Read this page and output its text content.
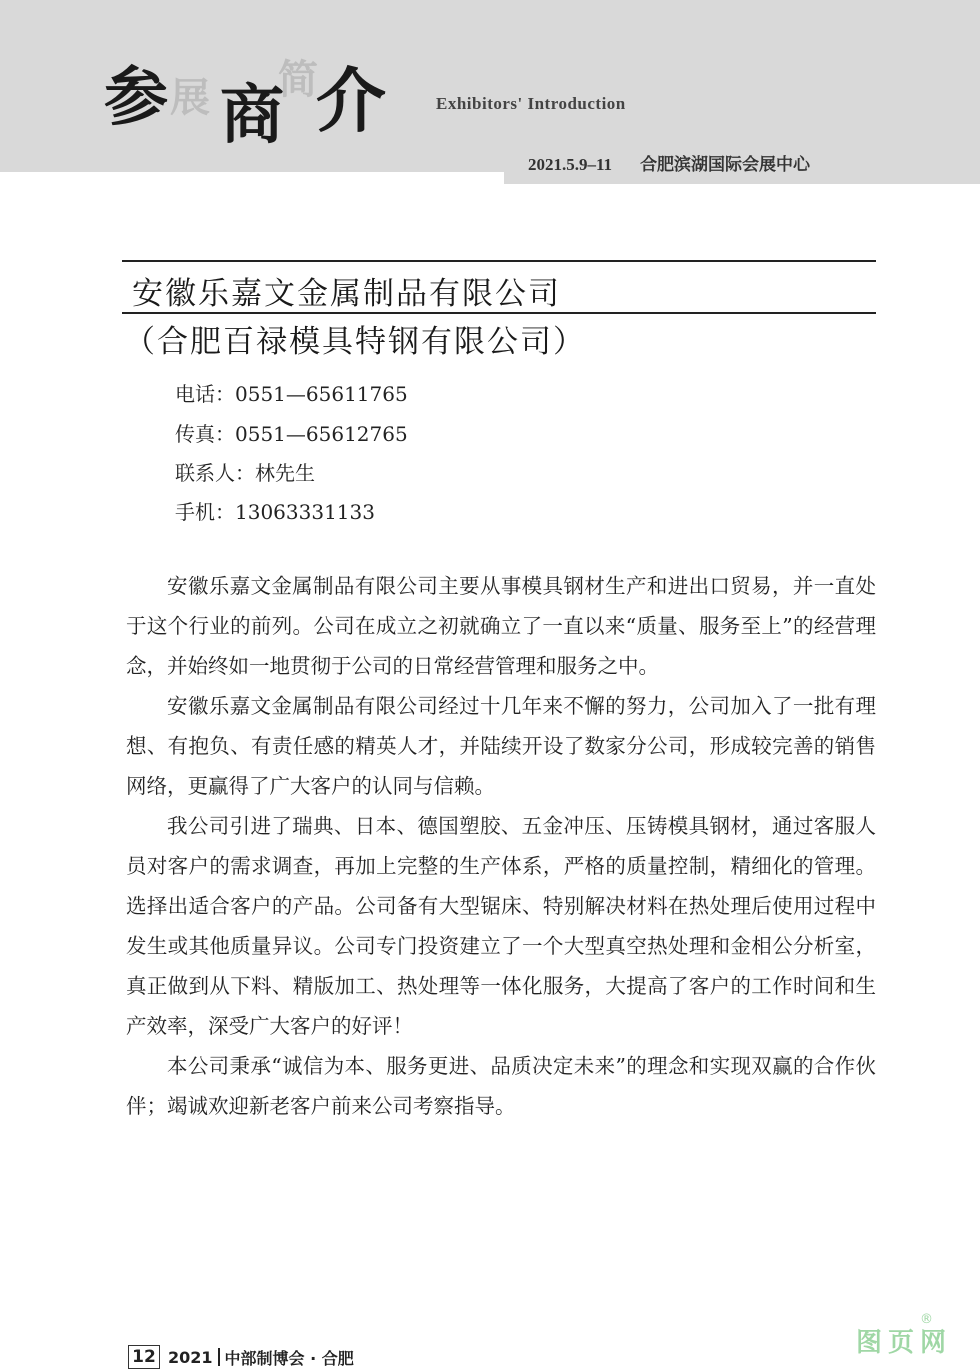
参 展 商
简
介	Exhibitors' Introduction
2021.5.9–11 合肥滨湖国际会展中心
安徽乐嘉文金属制品有限公司
（合肥百禄模具特钢有限公司）
电话：0551—65611765
传真：0551—65612765
联系人：林先生
手机：13063331133

安徽乐嘉文金属制品有限公司主要从事模具钢材生产和进出口贸易，并一直处于这个行业的前列。公司在成立之初就确立了一直以来“质量、服务至上”的经营理念，并始终如一地贯彻于公司的日常经营管理和服务之中。

安徽乐嘉文金属制品有限公司经过十几年来不懈的努力，公司加入了一批有理想、有抱负、有责任感的精英人才，并陆续开设了数家分公司，形成较完善的销售网络，更赢得了广大客户的认同与信赖。

我公司引进了瑞典、日本、德国塑胶、五金冲压、压铸模具钢材，通过客服人员对客户的需求调查，再加上完整的生产体系，严格的质量控制，精细化的管理。选择出适合客户的产品。公司备有大型锯床、特别解决材料在热处理后使用过程中发生或其他质量异议。公司专门投资建立了一个大型真空热处理和金相公分析室，真正做到从下料、精版加工、热处理等一体化服务，大提高了客户的工作时间和生产效率，深受广大客户的好评！

本公司秉承“诚信为本、服务更进、品质决定未来”的理念和实现双赢的合作伙伴；竭诚欢迎新老客户前来公司考察指导。

12 2021 中部制博会 · 合肥	图页网
®
